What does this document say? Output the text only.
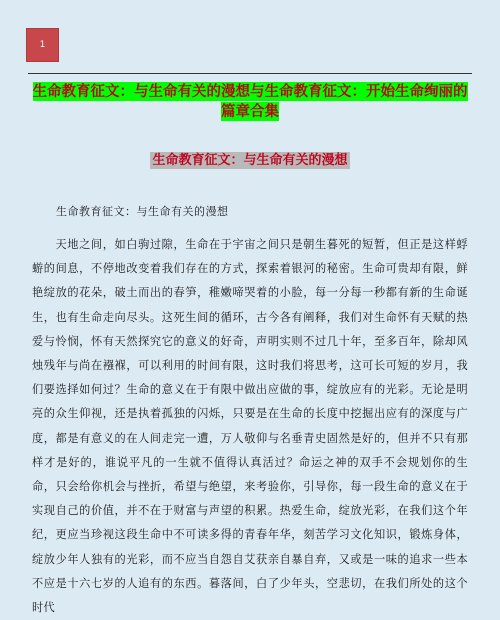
1
生命教育征文：与生命有关的漫想与生命教育征文：开始生命绚丽的篇章合集
生命教育征文：与生命有关的漫想
生命教育征文：与生命有关的漫想

天地之间，如白驹过隙，生命在于宇宙之间只是朝生暮死的短暂，但正是这样蜉蝣的间息，不停地改变着我们存在的方式，探索着银河的秘密。生命可贵却有限，鲜艳绽放的花朵，破土而出的春笋，稚嫩啼哭着的小脸，每一分每一秒都有新的生命诞生，也有生命走向尽头。这死生间的循环，古今各有阐释，我们对生命怀有天赋的热爱与怜悯，怀有天然探究它的意义的好奇，声明实则不过几十年，至多百年，除却风烛残年与尚在襁褓，可以利用的时间有限，这时我们将思考，这可长可短的岁月，我们要选择如何过？生命的意义在于有限中做出应做的事，绽放应有的光彩。无论是明亮的众生仰视，还是执着孤独的闪烁，只要是在生命的长度中挖掘出应有的深度与广度，都是有意义的在人间走完一遭，万人敬仰与名垂青史固然是好的，但并不只有那样才是好的，谁说平凡的一生就不值得认真活过？命运之神的双手不会规划你的生命，只会给你机会与挫折，希望与绝望，来考验你，引导你，每一段生命的意义在于实现自己的价值，并不在于财富与声望的积累。热爱生命，绽放光彩，在我们这个年纪，更应当珍视这段生命中不可读多得的青春年华，刻苦学习文化知识，锻炼身体，绽放少年人独有的光彩，而不应当自怨自艾获亲自暴自弃，又或是一味的追求一些本不应是十六七岁的人追有的东西。暮落间，白了少年头，空悲切，在我们所处的这个时代
